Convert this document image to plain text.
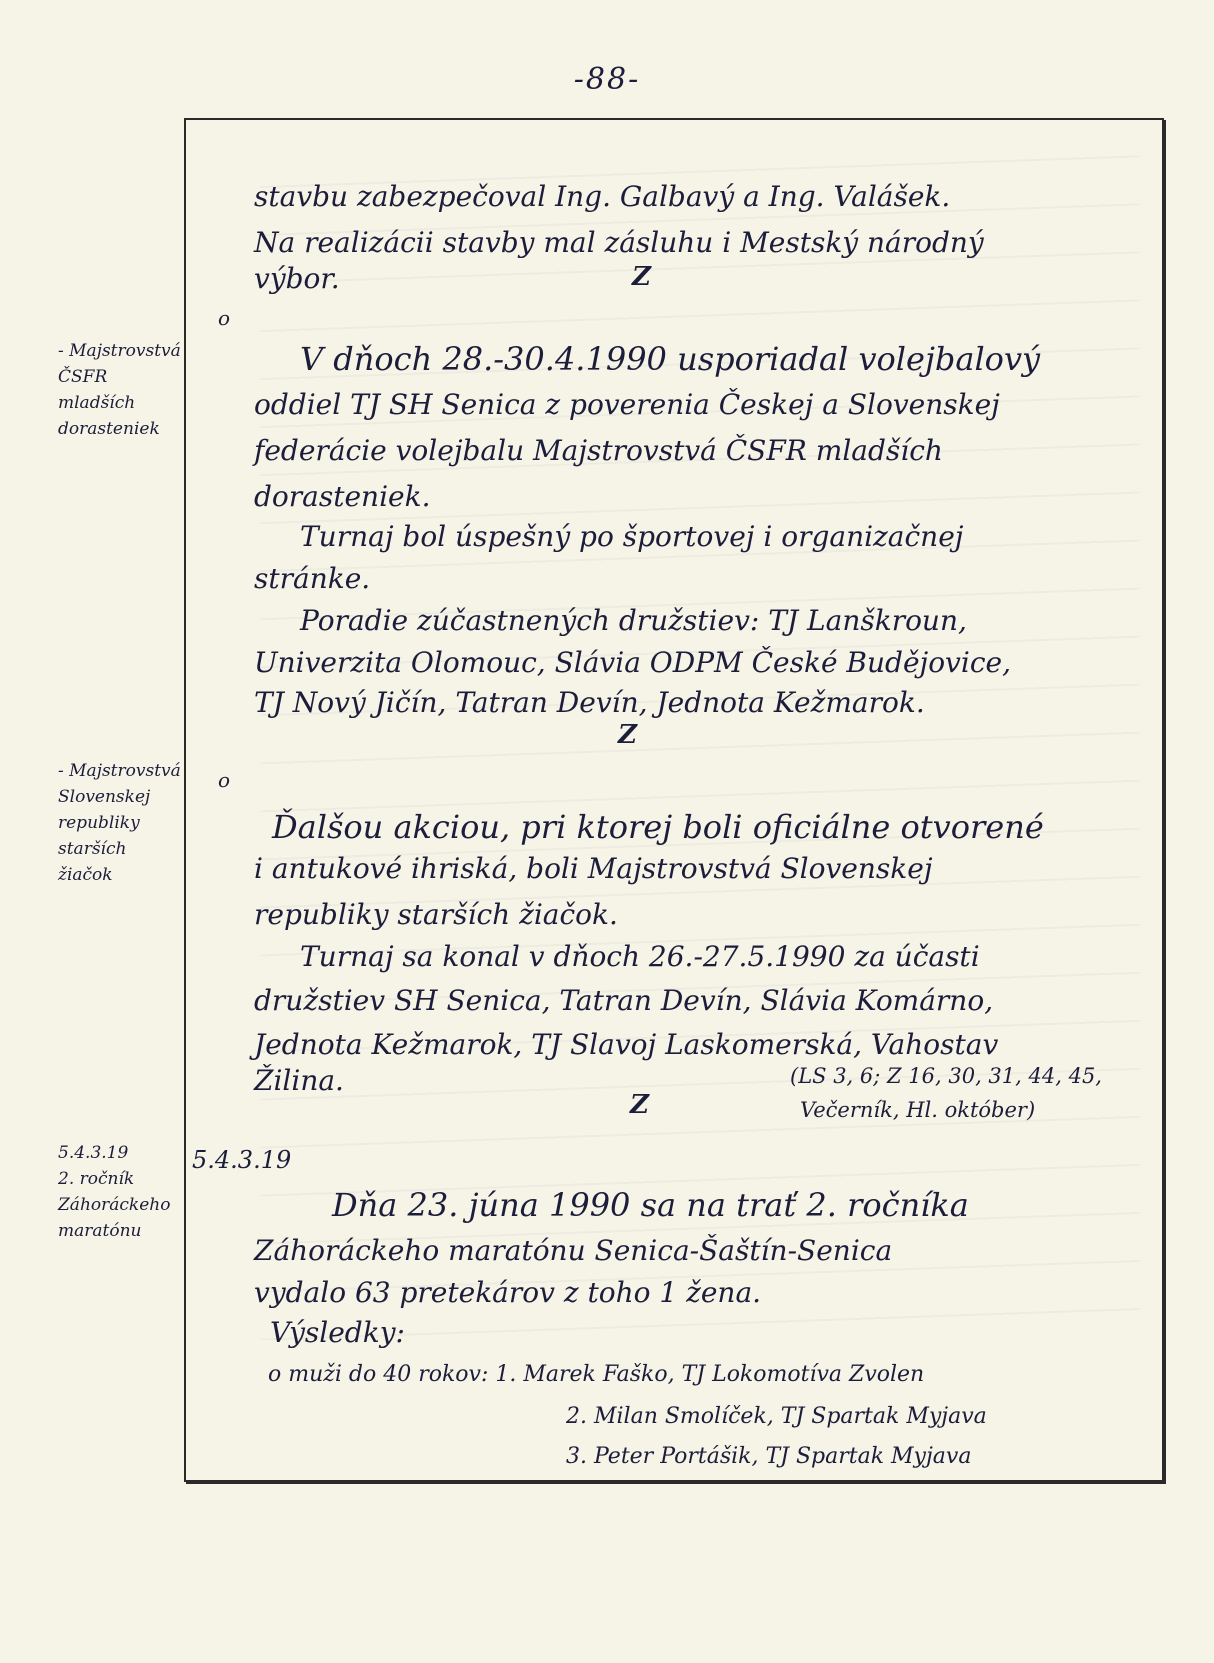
-88-
- Majstrovstvá
ČSFR
mladších
dorasteniek
- Majstrovstvá
Slovenskej
republiky
starších
žiačok
5.4.3.19
2. ročník
Záhoráckeho
maratónu
5.4.3.19
o
o
Z
Z
Z
stavbu zabezpečoval Ing. Galbavý a Ing. Valášek.
Na realizácii stavby mal zásluhu i Mestský národný
výbor.
V dňoch 28.-30.4.1990 usporiadal volejbalový
oddiel TJ SH Senica z poverenia Českej a Slovenskej
federácie volejbalu Majstrovstvá ČSFR mladších
dorasteniek.
Turnaj bol úspešný po športovej i organizačnej
stránke.
Poradie zúčastnených družstiev: TJ Lanškroun,
Univerzita Olomouc, Slávia ODPM České Budějovice,
TJ Nový Jičín, Tatran Devín, Jednota Kežmarok.
Ďalšou akciou, pri ktorej boli oficiálne otvorené
i antukové ihriská, boli Majstrovstvá Slovenskej
republiky starších žiačok.
Turnaj sa konal v dňoch 26.-27.5.1990 za účasti
družstiev SH Senica, Tatran Devín, Slávia Komárno,
Jednota Kežmarok, TJ Slavoj Laskomerská, Vahostav
Žilina.	(LS 3, 6; Z 16, 30, 31, 44, 45,
Večerník, Hl. október)
Dňa 23. júna 1990 sa na trať 2. ročníka
Záhoráckeho maratónu Senica-Šaštín-Senica
vydalo 63 pretekárov z toho 1 žena.
Výsledky:
o muži do 40 rokov: 1. Marek Faško, TJ Lokomotíva Zvolen
2. Milan Smolíček, TJ Spartak Myjava
3. Peter Portášik, TJ Spartak Myjava
